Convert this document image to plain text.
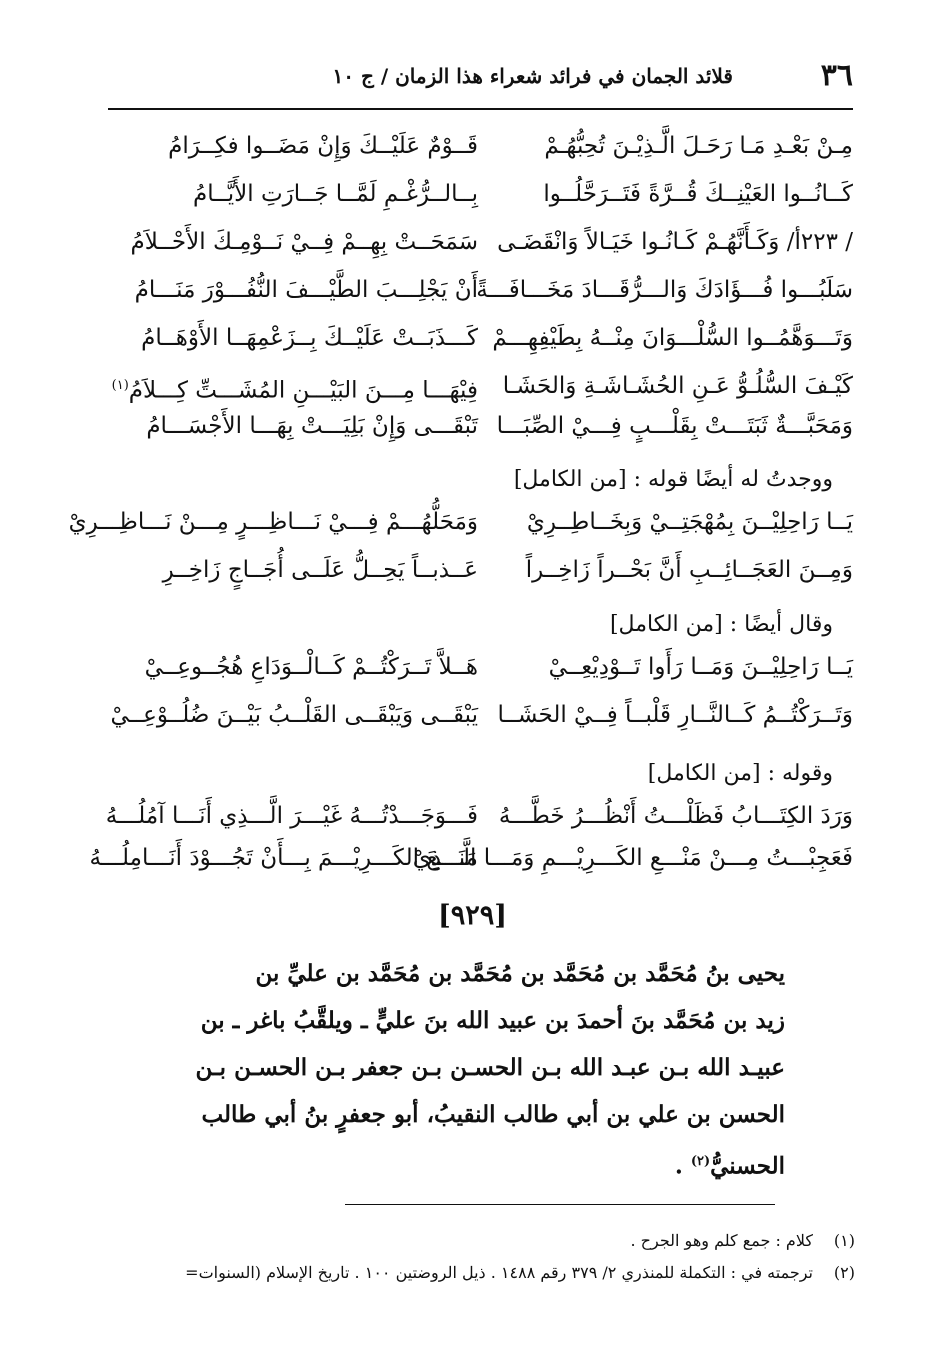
٣٦
قلائد الجمان في فرائد شعراء هذا الزمان / ج ١٠
مِـنْ بَعْـدِ مَـا رَحَـلَ الَّـذِيْـنَ تُحِبُّهُـمْ
قَــوْمٌ عَلَيْــكَ وَإِنْ مَضَــوا فكِــرَامُ
كَــانُــوا العَيْنِــكَ قُــرَّةً فَتَــرَحَّلُــوا
بِــالــرُّغْـمِ لَمَّــا جَــارَتِ الأَيَّــامُ
/ ٢٢٣أ/ وَكَـأَنَّهُـمْ كَـانُـوا خَيَـالاً وَانْقَضَـى
سَمَحَــتْ بِهِــمْ فِــيْ نَــوْمِـكَ الأَحْــلاَمُ
سَلَبُـــوا فُـــؤَادَكَ وَالـــرُّقَـــادَ مَخَـــافَـــةً
أَنْ يَجْلِـــبَ الطَّيْـــفَ النُّفُـــوْرَ مَنَـــامُ
وَتَـــوَهَّمُــوا السُّلْـــوَانَ مِنْــهُ بِطَيْفِهِـــمْ
كَـــذَبَــتْ عَلَيْــكَ بِــزَعْمِهَــا الأَوْهَــامُ
كَيْـفَ السُّلُـوُّ عَـنِ الحُشَـاشَـةِ وَالحَشَـا
فِيْهَـــا مِـــنَ البَيْـــنِ المُشَـــتِّ كِـــلاَمُ$^{(١)}$
وَمَحَبَّـــةٌ ثَبَتَـــتْ بِقَلْـــبٍ فِـــيْ الصِّبَـــا
تَبْقَـــى وَإِنْ بَلِيَـــتْ بِهَـــا الأَجْسَـــامُ
ووجدتُ له أيضًا قوله : [من الكامل]
يَــا رَاحِلِيْــنَ بِمُهْجَتِــيْ وَبِخَــاطِــرِيْ
وَمَحَلُّهُـــمْ فِـــيْ نَـــاظِـــرٍ مِـــنْ نَـــاظِـــرِيْ
وَمِــنَ العَجَــائِــبِ أَنَّ بَحْــراً زَاخِــراً
عَــذبــاً يَحِــلُّ عَلَــى أُجَــاجٍ زَاخِــرِ
وقال أيضًا : [من الكامل]
يَــا رَاحِلِيْــنَ وَمَــا رَأَوا تَــوْدِيْعِــيْ
هَــلاَّ تَــرَكْتُــمْ كَــالْــوَدَاعِ هُجُــوعِــيْ
وَتَــرَكْتُــمُ كَــالنَّــارِ قَلْبــاً فِــيْ الحَشَــا
يَبْقَــى وَيَبْقَــى القَلْــبُ بَيْــنَ ضُلُــوْعِــيْ
وقوله : [من الكامل]
وَرَدَ الكِتَـــابُ فَظَلْـــتُ أَنْظُـــرُ خَطَّـــهُ
فَـــوَجَـــدْتُـــهُ غَيْـــرَ الَّـــذِي أَنَـــا آمُلُـــهُ
فَعَجِبْـــتُ مِـــنْ مَنْـــعِ الكَـــرِيْـــمِ وَمَـــا الَّـــذِيْ
مَنَـــعَ الكَـــرِيْـــمَ بِـــأَنْ تَجُـــوْدَ أَنَـــامِلُـــهُ
[٩٢٩]
يحيى بنُ مُحَمَّد بن مُحَمَّد بن مُحَمَّد بن مُحَمَّد بن عليِّ بن
زيد بن مُحَمَّد بنَ أحمدَ بن عبيد الله بنَ عليٍّ ـ ويلقَّبُ باغر ـ بن
عبيـد الله بـن عبـد الله بـن الحسـن بـن جعفر بـن الحسـن بـن
الحسن بن علي بن أبي طالب النقيبُ، أبو جعفرٍ بنُ أبي طالب
الحسنيُّ$^{(٢)}$ .
(١)كلام : جمع كلم وهو الجرح .
(٢)ترجمته في : التكملة للمنذري ٢/ ٣٧٩ رقم ١٤٨٨ . ذيل الروضتين ١٠٠ . تاريخ الإسلام (السنوات=
